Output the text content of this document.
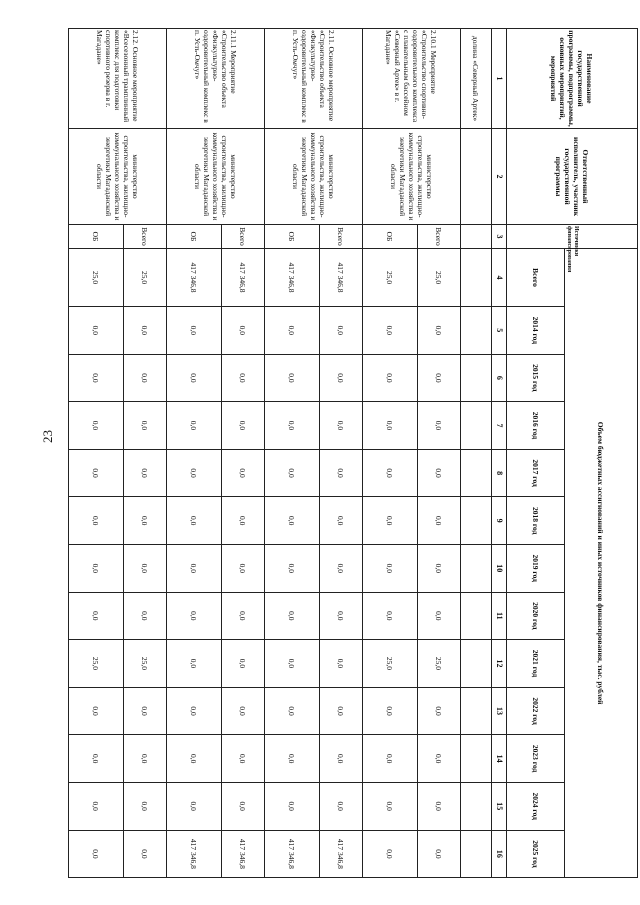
23
Наименование государственной программы, подпрограммы, основных мероприятий, мероприятий	Ответственный исполнитель, участник государственной программы	Источники финансирования	Объем бюджетных ассигнований и иных источников финансирования, тыс. рублей												
			Всего	2014 год	2015 год	2016 год	2017 год	2018 год	2019 год	2020 год	2021 год	2022 год	2023 год	2024 год	2025 год
1	2	3	4	5	6	7	8	9	10	11	12	13	14	15	16
долина «Северный Артек»															
2.10.1 Мероприятие «Строительство спортивно-оздоровительного комплекса с плавательным бассейном «Северный Артек» в г. Магадане»	министерство строительства, жилищно-коммунального хозяйства и энергетики Магаданской области	Всего	25,0	0,0	0,0	0,0	0,0	0,0	0,0	0,0	25,0	0,0	0,0	0,0	0,0
		ОБ	25,0	0,0	0,0	0,0	0,0	0,0	0,0	0,0	25,0	0,0	0,0	0,0	0,0
2.11. Основное мероприятие «Строительство объекта «Физкультурно-оздоровительный комплекс в п. Усть-Омчуг»	министерство строительства, жилищно-коммунального хозяйства и энергетики Магаданской области	Всего	417 346,8	0,0	0,0	0,0	0,0	0,0	0,0	0,0	0,0	0,0	0,0	0,0	417 346,8
		ОБ	417 346,8	0,0	0,0	0,0	0,0	0,0	0,0	0,0	0,0	0,0	0,0	0,0	417 346,8
2.11.1 Мероприятие «Строительство объекта «Физкультурно-оздоровительный комплекс в п. Усть-Омчуг»	министерство строительства, жилищно-коммунального хозяйства и энергетики Магаданской области	Всего	417 346,8	0,0	0,0	0,0	0,0	0,0	0,0	0,0	0,0	0,0	0,0	0,0	417 346,8
		ОБ	417 346,8	0,0	0,0	0,0	0,0	0,0	0,0	0,0	0,0	0,0	0,0	0,0	417 346,8
2.12. Основное мероприятие «Всесезонный трамплинный комплекс для подготовки спортивного резерва в г. Магадане»	министерство строительства, жилищно-коммунального хозяйства и энергетики Магаданской области	Всего	25,0	0,0	0,0	0,0	0,0	0,0	0,0	0,0	25,0	0,0	0,0	0,0	0,0
		ОБ	25,0	0,0	0,0	0,0	0,0	0,0	0,0	0,0	25,0	0,0	0,0	0,0	0,0
